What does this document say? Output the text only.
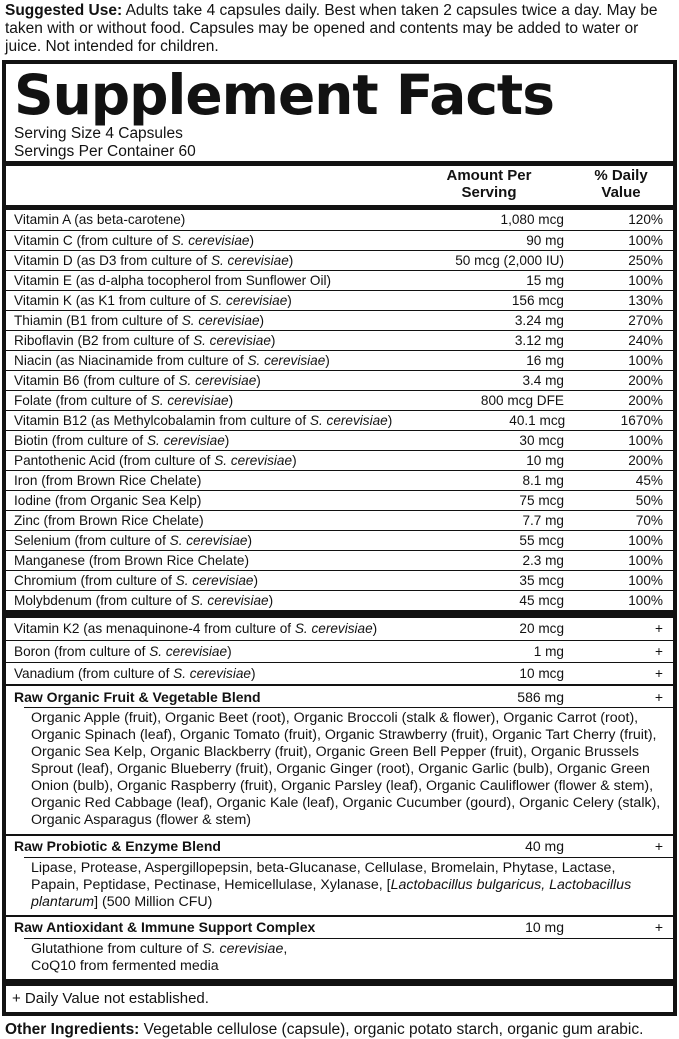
Suggested Use: Adults take 4 capsules daily. Best when taken 2 capsules twice a day. May be taken with or without food. Capsules may be opened and contents may be added to water or juice. Not intended for children.

Supplement Facts
Serving Size 4 Capsules
Servings Per Container 60
Amount Per Serving
% Daily Value
Vitamin A (as beta-carotene)	1,080 mcg	120%
Vitamin C (from culture of S. cerevisiae)	90 mg	100%
Vitamin D (as D3 from culture of S. cerevisiae)	50 mcg (2,000 IU)	250%
Vitamin E (as d-alpha tocopherol from Sunflower Oil)	15 mg	100%
Vitamin K (as K1 from culture of S. cerevisiae)	156 mcg	130%
Thiamin (B1 from culture of S. cerevisiae)	3.24 mg	270%
Riboflavin (B2 from culture of S. cerevisiae)	3.12 mg	240%
Niacin (as Niacinamide from culture of S. cerevisiae)	16 mg	100%
Vitamin B6 (from culture of S. cerevisiae)	3.4 mg	200%
Folate (from culture of S. cerevisiae)	800 mcg DFE	200%
Vitamin B12 (as Methylcobalamin from culture of S. cerevisiae)	40.1 mcg	1670%
Biotin (from culture of S. cerevisiae)	30 mcg	100%
Pantothenic Acid (from culture of S. cerevisiae)	10 mg	200%
Iron (from Brown Rice Chelate)	8.1 mg	45%
Iodine (from Organic Sea Kelp)	75 mcg	50%
Zinc (from Brown Rice Chelate)	7.7 mg	70%
Selenium (from culture of S. cerevisiae)	55 mcg	100%
Manganese (from Brown Rice Chelate)	2.3 mg	100%
Chromium (from culture of S. cerevisiae)	35 mcg	100%
Molybdenum (from culture of S. cerevisiae)	45 mcg	100%
Vitamin K2 (as menaquinone-4 from culture of S. cerevisiae)	20 mcg	+
Boron (from culture of S. cerevisiae)	1 mg	+
Vanadium (from culture of S. cerevisiae)	10 mcg	+
Raw Organic Fruit & Vegetable Blend	586 mg	+
Organic Apple (fruit), Organic Beet (root), Organic Broccoli (stalk & flower), Organic Carrot (root), Organic Spinach (leaf), Organic Tomato (fruit), Organic Strawberry (fruit), Organic Tart Cherry (fruit), Organic Sea Kelp, Organic Blackberry (fruit), Organic Green Bell Pepper (fruit), Organic Brussels Sprout (leaf), Organic Blueberry (fruit), Organic Ginger (root), Organic Garlic (bulb), Organic Green Onion (bulb), Organic Raspberry (fruit), Organic Parsley (leaf), Organic Cauliflower (flower & stem), Organic Red Cabbage (leaf), Organic Kale (leaf), Organic Cucumber (gourd), Organic Celery (stalk), Organic Asparagus (flower & stem)
Raw Probiotic & Enzyme Blend	40 mg	+
Lipase, Protease, Aspergillopepsin, beta-Glucanase, Cellulase, Bromelain, Phytase, Lactase, Papain, Peptidase, Pectinase, Hemicellulase, Xylanase, [Lactobacillus bulgaricus, Lactobacillus plantarum] (500 Million CFU)
Raw Antioxidant & Immune Support Complex	10 mg	+
Glutathione from culture of S. cerevisiae,
CoQ10 from fermented media
+ Daily Value not established.

Other Ingredients: Vegetable cellulose (capsule), organic potato starch, organic gum arabic.
